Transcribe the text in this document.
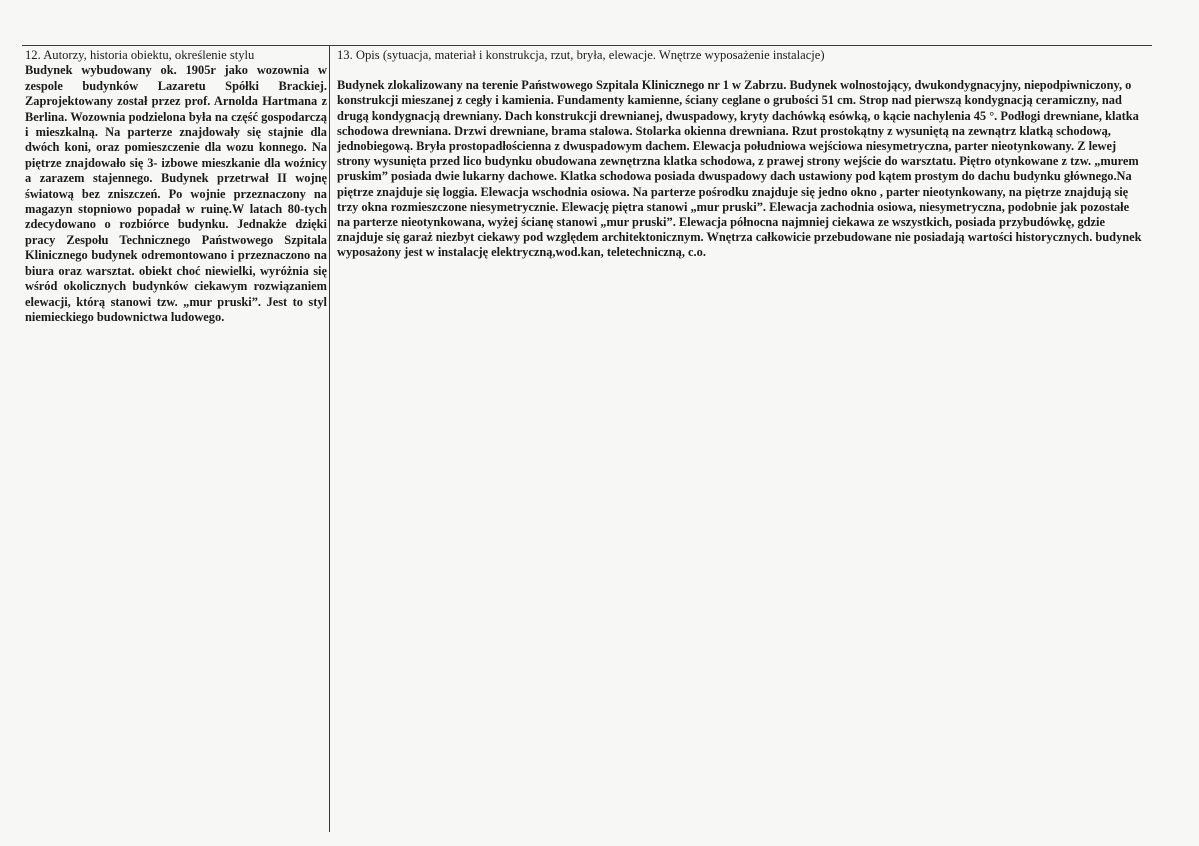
12. Autorzy, historia obiektu, określenie stylu
Budynek wybudowany ok. 1905r jako wozownia w zespole budynków Lazaretu Spółki Brackiej. Zaprojektowany został przez prof. Arnolda Hartmana z Berlina. Wozownia podzielona była na część gospodarczą i mieszkalną. Na parterze znajdowały się stajnie dla dwóch koni, oraz pomieszczenie dla wozu konnego. Na piętrze znajdowało się 3- izbowe mieszkanie dla woźnicy a zarazem stajennego. Budynek przetrwał II wojnę światową bez zniszczeń. Po wojnie przeznaczony na magazyn stopniowo popadał w ruinę.W latach 80-tych zdecydowano o rozbiórce budynku. Jednakże dzięki pracy Zespołu Technicznego Państwowego Szpitala Klinicznego budynek odremontowano i przeznaczono na biura oraz warsztat. obiekt choć niewielki, wyróżnia się wśród okolicznych budynków ciekawym rozwiązaniem elewacji, którą stanowi tzw. „mur pruski”. Jest to styl niemieckiego budownictwa ludowego.
13. Opis (sytuacja, materiał i konstrukcja, rzut, bryła, elewacje. Wnętrze wyposażenie instalacje)
Budynek zlokalizowany na terenie Państwowego Szpitala Klinicznego nr 1 w Zabrzu. Budynek wolnostojący, dwukondygnacyjny, niepodpiwniczony, o konstrukcji mieszanej z cegły i kamienia. Fundamenty kamienne, ściany ceglane o grubości 51 cm. Strop nad pierwszą kondygnacją ceramiczny, nad drugą kondygnacją drewniany. Dach konstrukcji drewnianej, dwuspadowy, kryty dachówką esówką, o kącie nachylenia 45 °. Podłogi drewniane, klatka schodowa drewniana. Drzwi drewniane, brama stalowa. Stolarka okienna drewniana. Rzut prostokątny z wysuniętą na zewnątrz klatką schodową, jednobiegową. Bryła prostopadłościenna z dwuspadowym dachem. Elewacja południowa wejściowa niesymetryczna, parter nieotynkowany. Z lewej strony wysunięta przed lico budynku obudowana zewnętrzna klatka schodowa, z prawej strony wejście do warsztatu. Piętro otynkowane z tzw. „murem pruskim” posiada dwie lukarny dachowe. Klatka schodowa posiada dwuspadowy dach ustawiony pod kątem prostym do dachu budynku głównego.Na piętrze znajduje się loggia. Elewacja wschodnia osiowa. Na parterze pośrodku znajduje się jedno okno , parter nieotynkowany, na piętrze znajdują się trzy okna rozmieszczone niesymetrycznie. Elewację piętra stanowi „mur pruski”. Elewacja zachodnia osiowa, niesymetryczna, podobnie jak pozostałe na parterze nieotynkowana, wyżej ścianę stanowi „mur pruski”. Elewacja północna najmniej ciekawa ze wszystkich, posiada przybudówkę, gdzie znajduje się garaż niezbyt ciekawy pod względem architektonicznym. Wnętrza całkowicie przebudowane nie posiadają wartości historycznych. budynek wyposażony jest w instalację elektryczną,wod.kan, teletechniczną, c.o.
